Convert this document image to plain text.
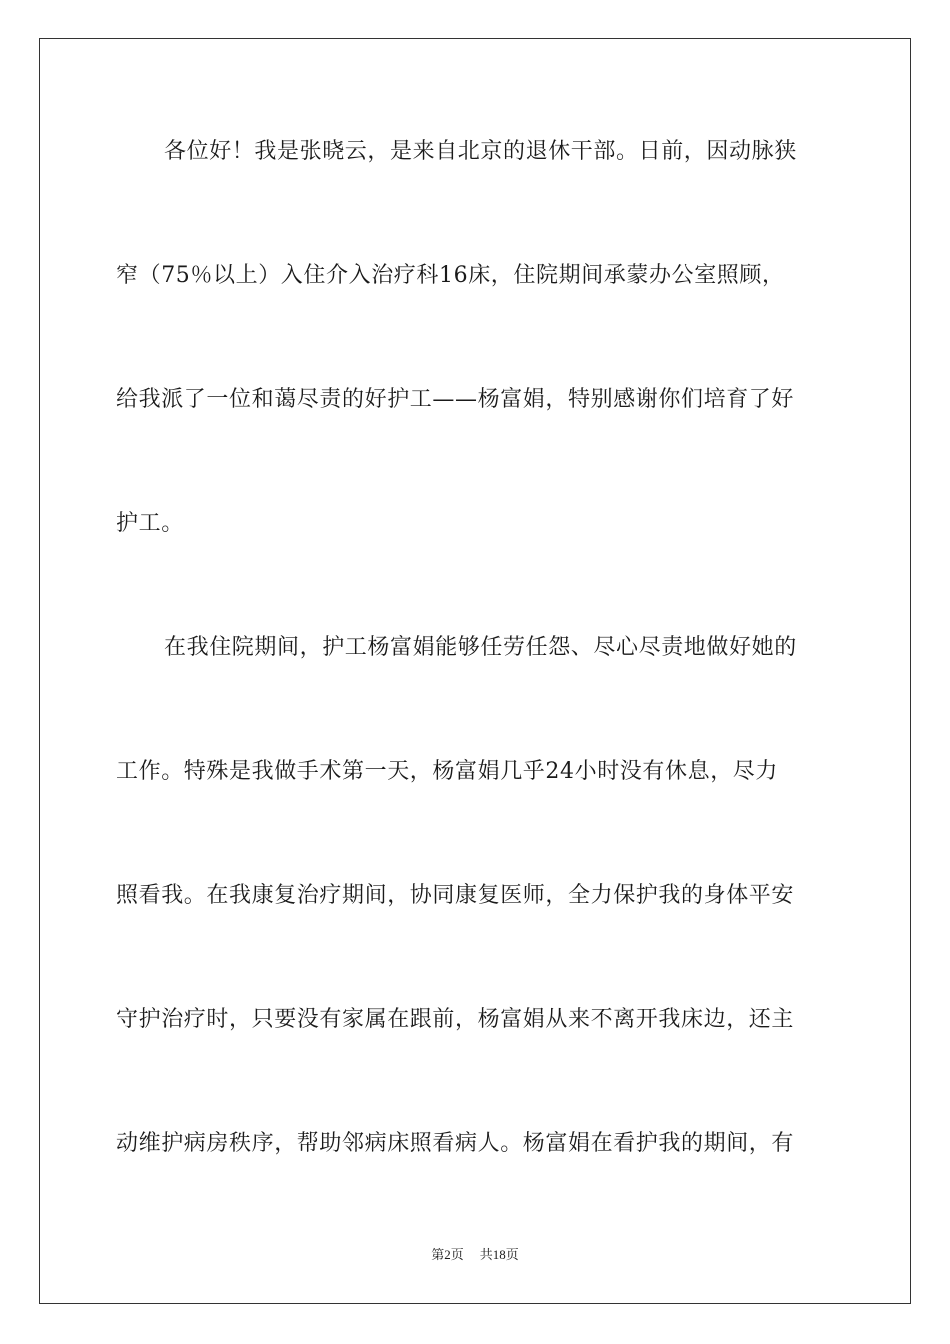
各位好！我是张晓云，是来自北京的退休干部。日前，因动脉狭
窄（75％以上）入住介入治疗科16床，住院期间承蒙办公室照顾，
给我派了一位和蔼尽责的好护工——杨富娟，特别感谢你们培育了好
护工。
在我住院期间，护工杨富娟能够任劳任怨、尽心尽责地做好她的
工作。特殊是我做手术第一天，杨富娟几乎24小时没有休息，尽力
照看我。在我康复治疗期间，协同康复医师，全力保护我的身体平安
守护治疗时，只要没有家属在跟前，杨富娟从来不离开我床边，还主
动维护病房秩序，帮助邻病床照看病人。杨富娟在看护我的期间，有
第2页 共18页
